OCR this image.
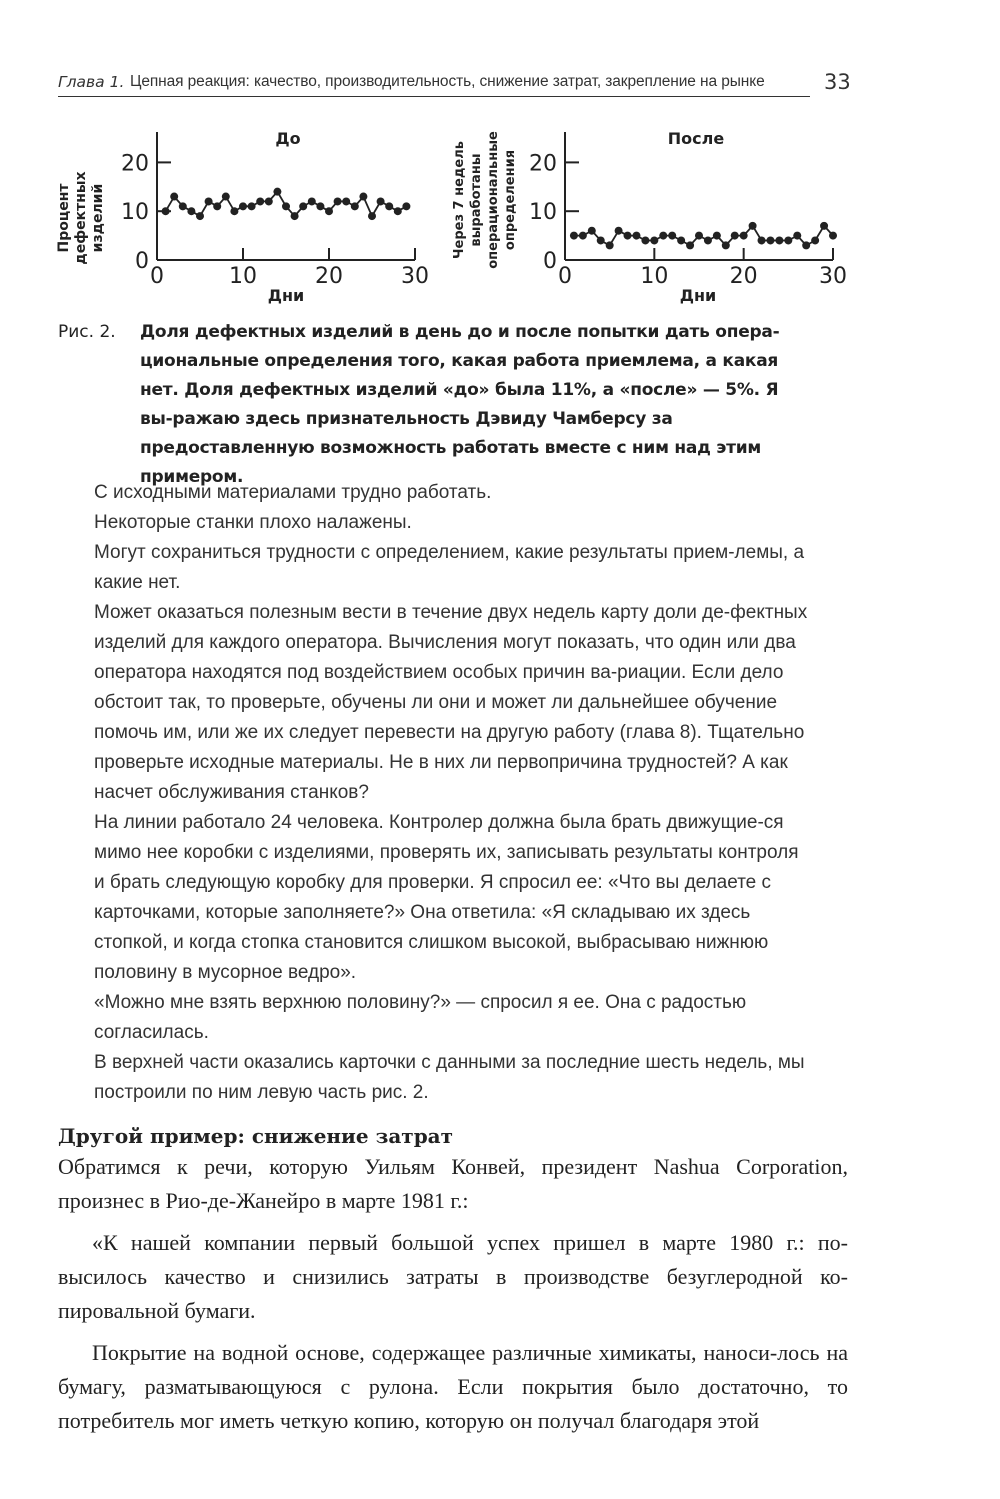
Глава 1. Цепная реакция: качество, производительность, снижение затрат, закрепление на рынке	33
Процент дефектных изделий
До
0
10
20
0	10	20	30
Дни
Через 7 недель выработаны операциональные определения
После
0
10
20
0	10	20	30
Дни
Рис. 2.	Доля дефектных изделий в день до и после попытки дать опера-циональные определения того, какая работа приемлема, а какая нет. Доля дефектных изделий «до» была 11%, а «после» — 5%. Я вы-ражаю здесь признательность Дэвиду Чамберсу за предоставленную возможность работать вместе с ним над этим примером.

С исходными материалами трудно работать.

Некоторые станки плохо налажены.

Могут сохраниться трудности с определением, какие результаты прием-лемы, а какие нет.

Может оказаться полезным вести в течение двух недель карту доли де-фектных изделий для каждого оператора. Вычисления могут показать, что один или два оператора находятся под воздействием особых причин ва-риации. Если дело обстоит так, то проверьте, обучены ли они и может ли дальнейшее обучение помочь им, или же их следует перевести на другую работу (глава 8). Тщательно проверьте исходные материалы. Не в них ли первопричина трудностей? А как насчет обслуживания станков?

На линии работало 24 человека. Контролер должна была брать движущие-ся мимо нее коробки с изделиями, проверять их, записывать результаты контроля и брать следующую коробку для проверки. Я спросил ее: «Что вы делаете с карточками, которые заполняете?» Она ответила: «Я складываю их здесь стопкой, и когда стопка становится слишком высокой, выбрасываю нижнюю половину в мусорное ведро».

«Можно мне взять верхнюю половину?» — спросил я ее. Она с радостью согласилась.

В верхней части оказались карточки с данными за последние шесть недель, мы построили по ним левую часть рис. 2.

Другой пример: снижение затрат

Обратимся к речи, которую Уильям Конвей, президент Nashua Corporation, произнес в Рио-де-Жанейро в марте 1981 г.:

«К нашей компании первый большой успех пришел в марте 1980 г.: по-высилось качество и снизились затраты в производстве безуглеродной ко-пировальной бумаги.

Покрытие на водной основе, содержащее различные химикаты, наноси-лось на бумагу, разматывающуюся с рулона. Если покрытия было достаточно, то потребитель мог иметь четкую копию, которую он получал благодаря этой
